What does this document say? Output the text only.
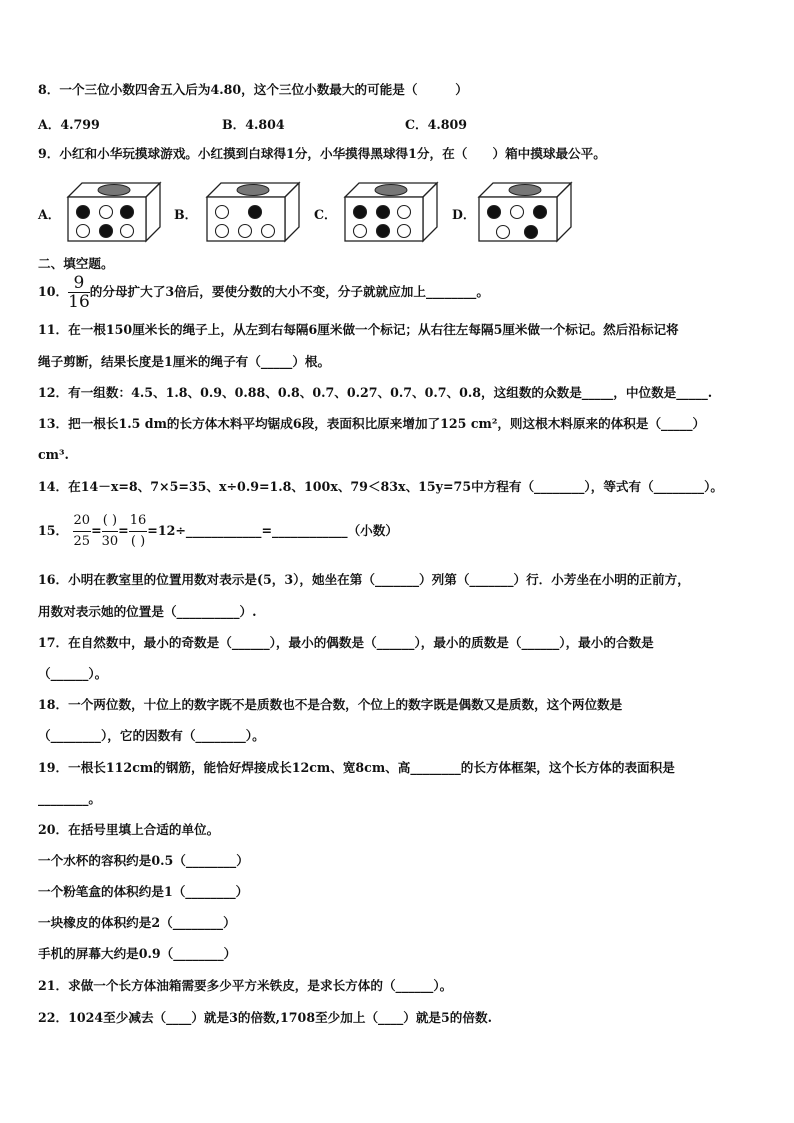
8．一个三位小数四舍五入后为4.80，这个三位小数最大的可能是（　　　）
A．4.799	B．4.804	C．4.809
9．小红和小华玩摸球游戏。小红摸到白球得1分，小华摸得黑球得1分，在（　　）箱中摸球最公平。
A．	B．	C．	D．
二、填空题。
10． $\frac{9}{16}$ 的分母扩大了3倍后，要使分数的大小不变，分子就就应加上________。
11．在一根150厘米长的绳子上，从左到右每隔6厘米做一个标记；从右往左每隔5厘米做一个标记。然后沿标记将
绳子剪断，结果长度是1厘米的绳子有（_____）根。
12．有一组数：4.5、1.8、0.9、0.88、0.8、0.7、0.27、0.7、0.7、0.8，这组数的众数是_____，中位数是_____.
13．把一根长1.5 dm的长方体木料平均锯成6段，表面积比原来增加了125 cm²，则这根木料原来的体积是（_____）
cm³.
14．在14－x=8、7×5=35、x÷0.9=1.8、100x、79＜83x、15y=75中方程有（________），等式有（________）。
15． $\frac{20}{25} = \frac{( )}{30} = \frac{16}{( )}$ =12÷____________=____________（小数）
16．小明在教室里的位置用数对表示是(5，3），她坐在第（_______）列第（_______）行．小芳坐在小明的正前方，
用数对表示她的位置是（__________）.
17．在自然数中，最小的奇数是（______），最小的偶数是（______），最小的质数是（______），最小的合数是
（______）。
18．一个两位数，十位上的数字既不是质数也不是合数，个位上的数字既是偶数又是质数，这个两位数是
（________），它的因数有（________）。
19．一根长112cm的钢筋，能恰好焊接成长12cm、宽8cm、高________的长方体框架，这个长方体的表面积是
________。
20．在括号里填上合适的单位。
一个水杯的容积约是0.5（________）
一个粉笔盒的体积约是1（________）
一块橡皮的体积约是2（________）
手机的屏幕大约是0.9（________）
21．求做一个长方体油箱需要多少平方米铁皮，是求长方体的（______）。
22．1024至少减去（____）就是3的倍数,1708至少加上（____）就是5的倍数.
